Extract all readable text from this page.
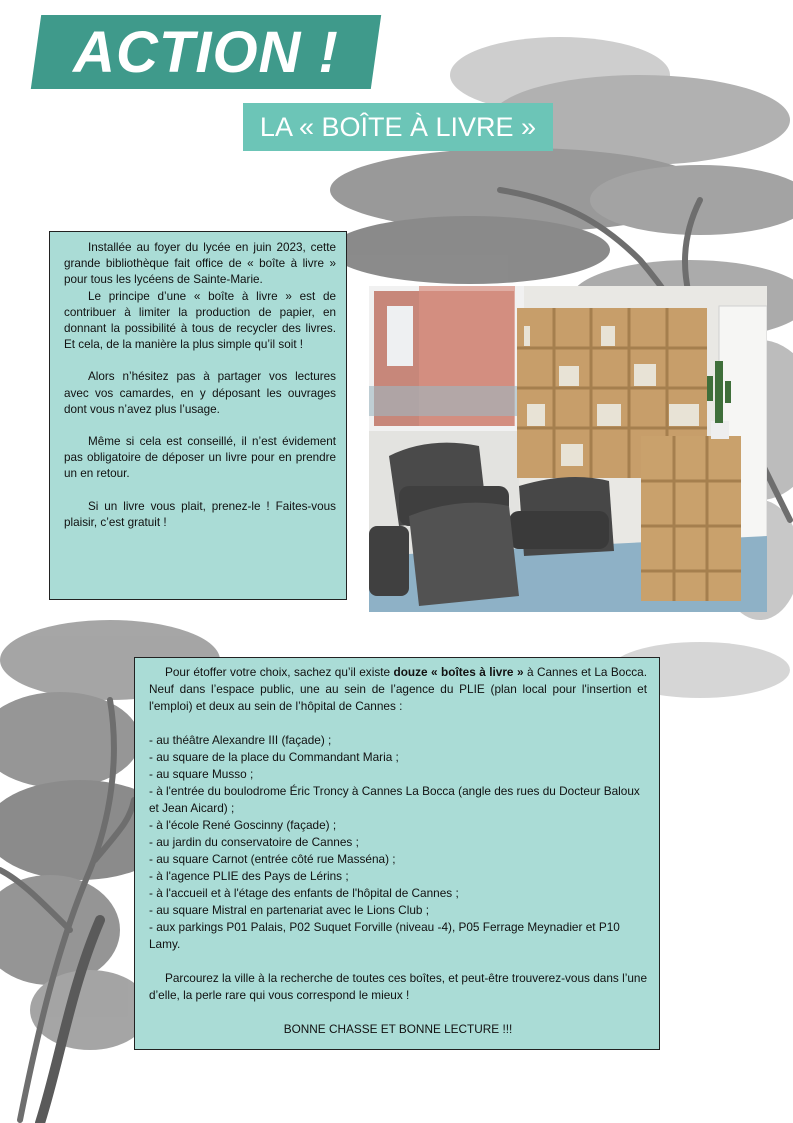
ACTION !
LA « BOÎTE À LIVRE »

Installée au foyer du lycée en juin 2023, cette grande bibliothèque fait office de « boîte à livre » pour tous les lycéens de Sainte-Marie.

Le principe d’une « boîte à livre » est de contribuer à limiter la production de papier, en donnant la possibilité à tous de recycler des livres. Et cela, de la manière la plus simple qu’il soit !

Alors n’hésitez pas à partager vos lectures avec vos camardes, en y déposant les ouvrages dont vous n’avez plus l’usage.

Même si cela est conseillé, il n’est évidement pas obligatoire de déposer un livre pour en prendre un en retour.

Si un livre vous plait, prenez-le ! Faites-vous plaisir, c’est gratuit !

Pour étoffer votre choix, sachez qu’il existe douze « boîtes à livre » à Cannes et La Bocca. Neuf dans l’espace public, une au sein de l’agence du PLIE (plan local pour l'insertion et l'emploi) et deux au sein de l’hôpital de Cannes :

- au théâtre Alexandre III (façade) ;
- au square de la place du Commandant Maria ;
- au square Musso ;
- à l'entrée du boulodrome Éric Troncy à Cannes La Bocca (angle des rues du Docteur Baloux et Jean Aicard) ;
- à l'école René Goscinny (façade) ;
- au jardin du conservatoire de Cannes ;
- au square Carnot (entrée côté rue Masséna) ;
- à l'agence PLIE des Pays de Lérins ;
- à l'accueil et à l'étage des enfants de l'hôpital de Cannes ;
- au square Mistral en partenariat avec le Lions Club ;
- aux parkings P01 Palais, P02 Suquet Forville (niveau -4), P05 Ferrage Meynadier et P10 Lamy.

Parcourez la ville à la recherche de toutes ces boîtes, et peut-être trouverez-vous dans l’une d’elle, la perle rare qui vous correspond le mieux !

BONNE CHASSE ET BONNE LECTURE !!!
